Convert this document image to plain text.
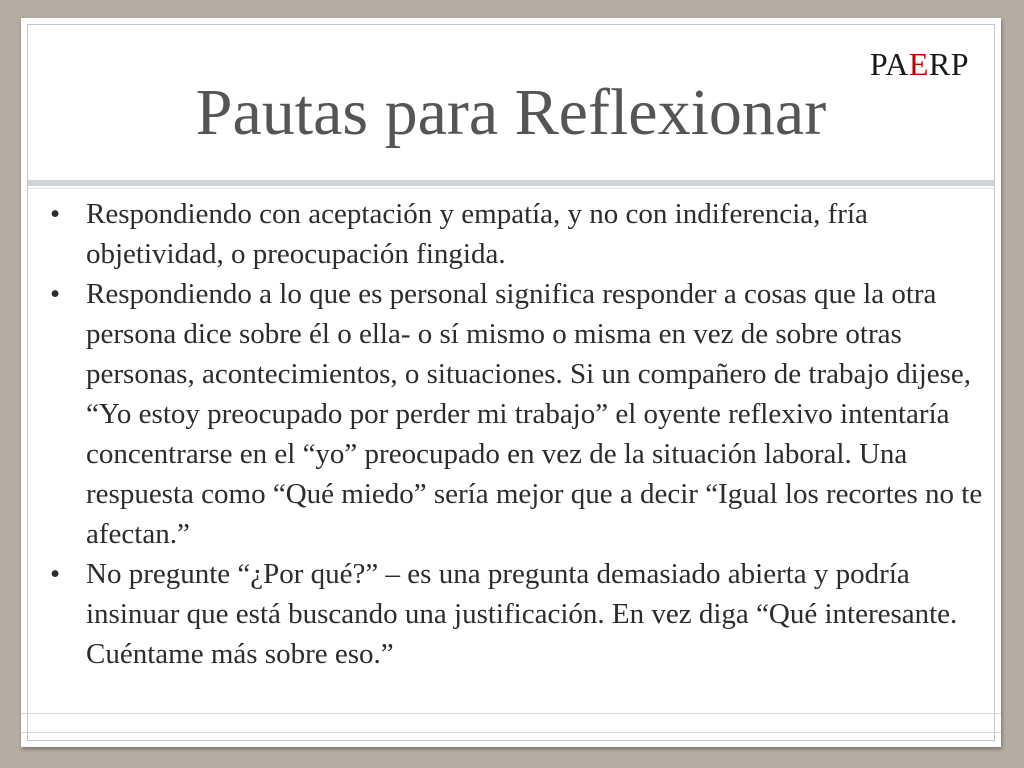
PAERP
Pautas para Reflexionar
• Respondiendo con aceptación y empatía, y no con indiferencia, fría objetividad, o preocupación fingida.
• Respondiendo a lo que es personal significa responder a cosas que la otra persona dice sobre él o ella- o sí mismo o misma en vez de sobre otras personas, acontecimientos, o situaciones. Si un compañero de trabajo dijese, “Yo estoy preocupado por perder mi trabajo” el oyente reflexivo intentaría concentrarse en el “yo” preocupado en vez de la situación laboral. Una respuesta como “Qué miedo” sería mejor que a decir “Igual los recortes no te afectan.”
• No pregunte “¿Por qué?” – es una pregunta demasiado abierta y podría insinuar que está buscando una justificación. En vez diga “Qué interesante. Cuéntame más sobre eso.”
